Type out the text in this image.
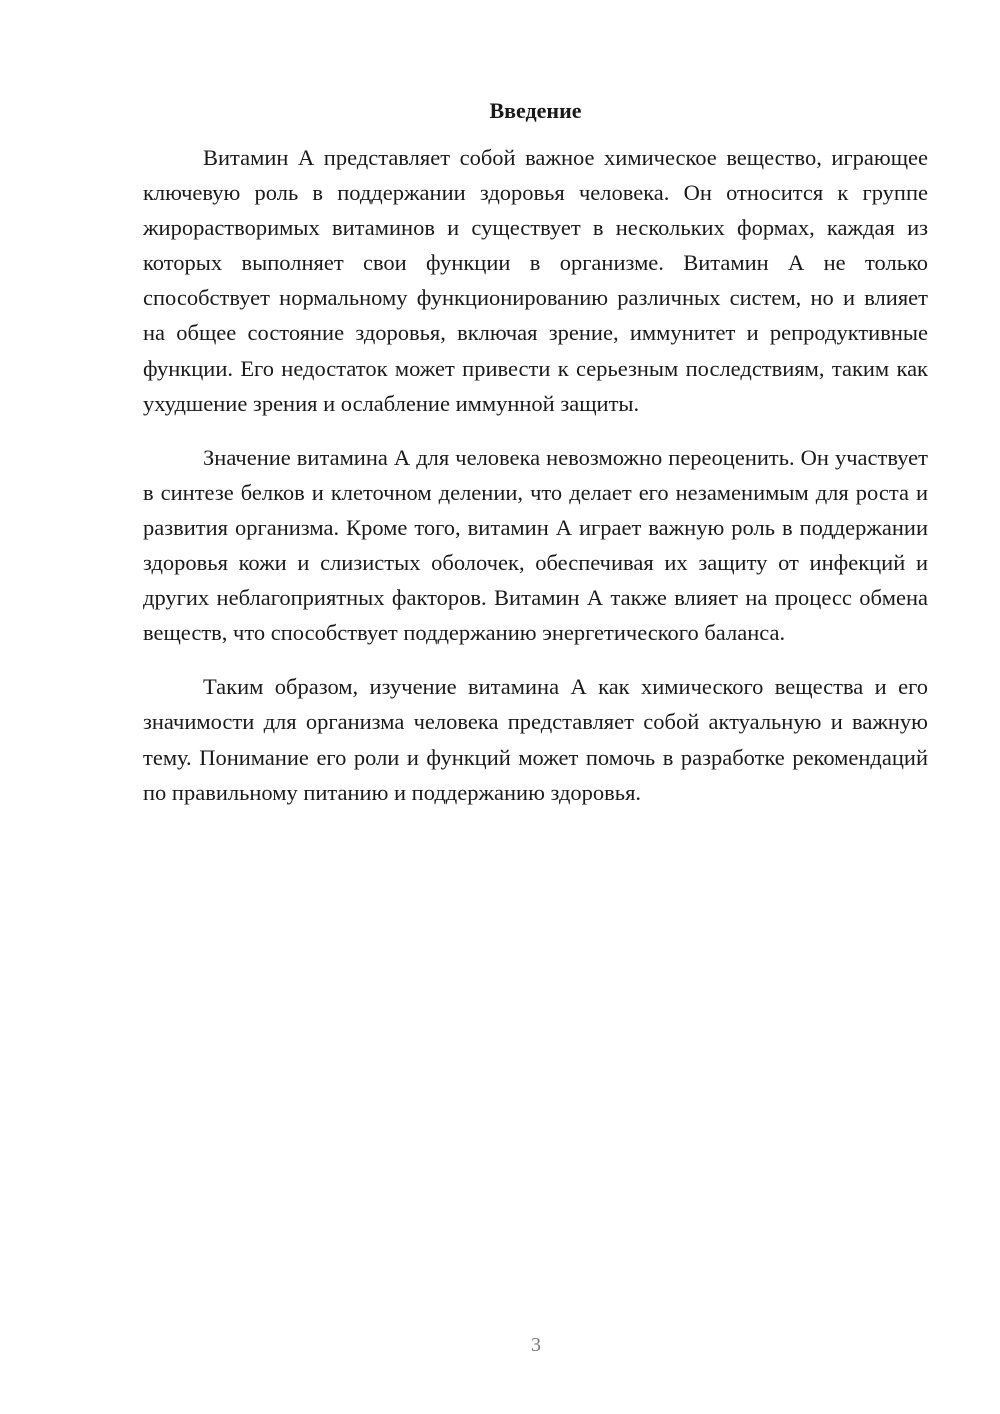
Введение

Витамин А представляет собой важное химическое вещество, играющее ключевую роль в поддержании здоровья человека. Он относится к группе жирорастворимых витаминов и существует в нескольких формах, каждая из которых выполняет свои функции в организме. Витамин А не только способствует нормальному функционированию различных систем, но и влияет на общее состояние здоровья, включая зрение, иммунитет и репродуктивные функции. Его недостаток может привести к серьезным последствиям, таким как ухудшение зрения и ослабление иммунной защиты.

Значение витамина А для человека невозможно переоценить. Он участвует в синтезе белков и клеточном делении, что делает его незаменимым для роста и развития организма. Кроме того, витамин А играет важную роль в поддержании здоровья кожи и слизистых оболочек, обеспечивая их защиту от инфекций и других неблагоприятных факторов. Витамин А также влияет на процесс обмена веществ, что способствует поддержанию энергетического баланса.

Таким образом, изучение витамина А как химического вещества и его значимости для организма человека представляет собой актуальную и важную тему. Понимание его роли и функций может помочь в разработке рекомендаций по правильному питанию и поддержанию здоровья.

3
